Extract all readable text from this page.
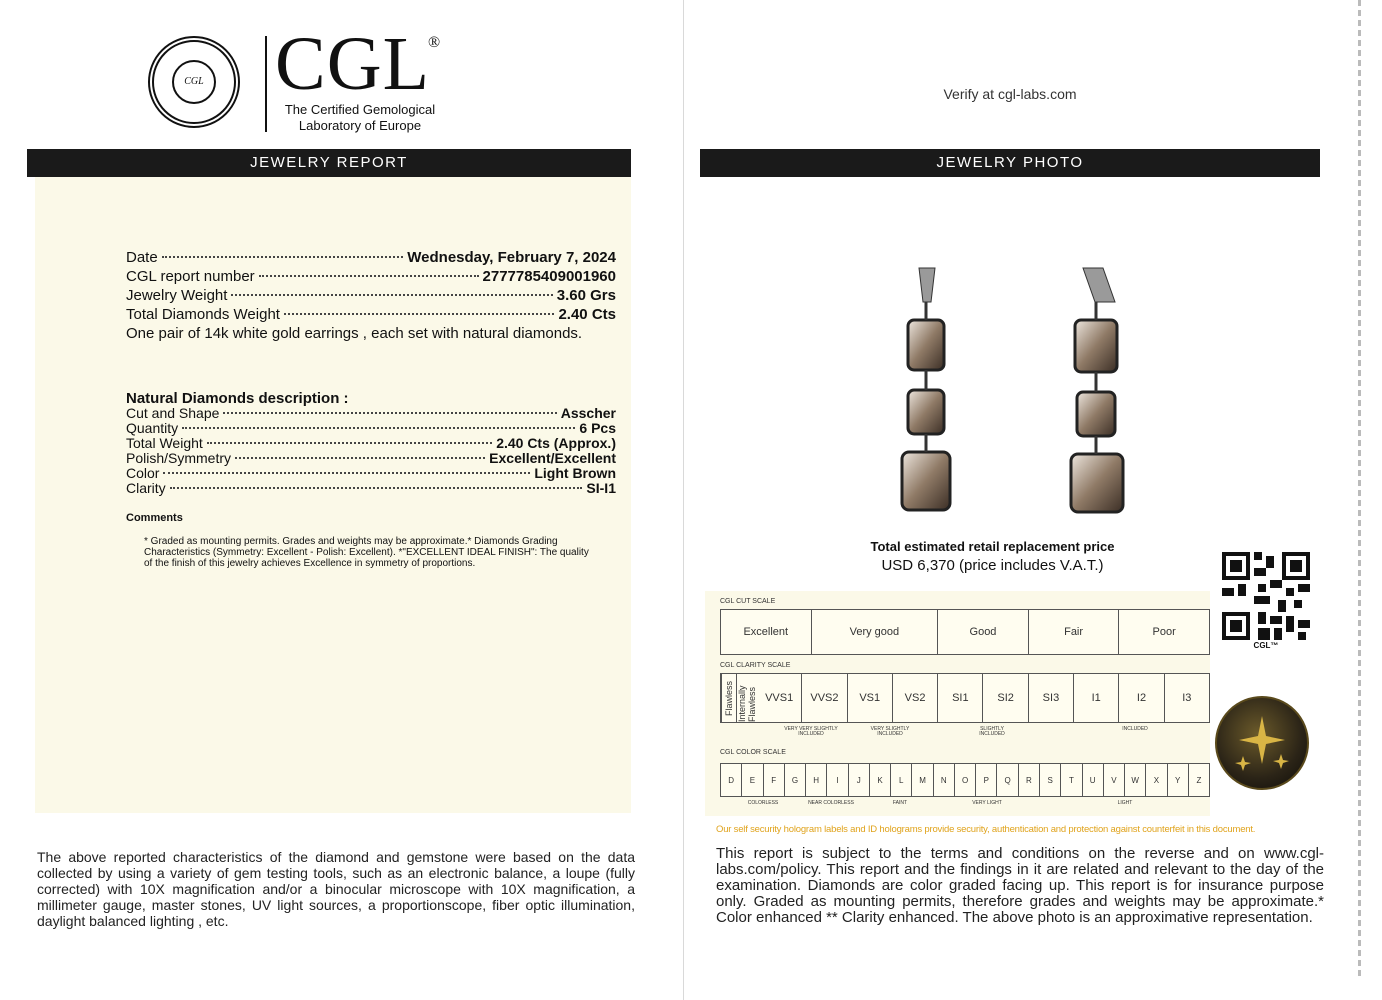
CGL CGL
®
The Certified Gemological
Laboratory of Europe
JEWELRY REPORT
Date	Wednesday, February 7, 2024
CGL report number	2777785409001960
Jewelry Weight	3.60 Grs
Total Diamonds Weight	2.40 Cts
One pair of 14k white gold earrings , each set with natural diamonds.
Natural Diamonds description :
Cut and Shape	Asscher
Quantity	6 Pcs
Total Weight	2.40 Cts (Approx.)
Polish/Symmetry	Excellent/Excellent
Color	Light Brown
Clarity	SI-I1
Comments
* Graded as mounting permits. Grades and weights may be approximate.* Diamonds Grading Characteristics (Symmetry: Excellent - Polish: Excellent). *"EXCELLENT IDEAL FINISH": The quality of the finish of this jewelry achieves Excellence in symmetry of proportions.
The above reported characteristics of the diamond and gemstone were based on the data collected by using a variety of gem testing tools, such as an electronic balance, a loupe (fully corrected) with 10X magnification and/or a binocular microscope with 10X magnification, a millimeter gauge, master stones, UV light sources, a proportionscope, fiber optic illumination, daylight balanced lighting , etc.
Verify at cgl-labs.com
JEWELRY PHOTO
Total estimated retail replacement price
USD 6,370 (price includes V.A.T.)
CGL CUT SCALE
Excellent	Very good	Good	Fair	Poor
CGL CLARITY SCALE
Flawless Internally Flawless VVS1	VVS2	VS1	VS2	SI1	SI2	SI3	I1	I2	I3
VERY VERY SLIGHTLY INCLUDED
VERY SLIGHTLY INCLUDED
SLIGHTLY INCLUDED
INCLUDED
CGL COLOR SCALE
D	E	F	G	H	I	J	K	L	M	N	O	P	Q	R	S	T	U	V	W	X	Y	Z
COLORLESS	NEAR COLORLESS	FAINT	VERY LIGHT	LIGHT
CGL™
Our self security hologram labels and ID holograms provide security, authentication and protection against counterfeit in this document.
This report is subject to the terms and conditions on the reverse and on www.cgl-labs.com/policy. This report and the findings in it are related and relevant to the day of the examination. Diamonds are color graded facing up. This report is for insurance purpose only. Graded as mounting permits, therefore grades and weights may be approximate.* Color enhanced ** Clarity enhanced. The above photo is an approximative representation.
